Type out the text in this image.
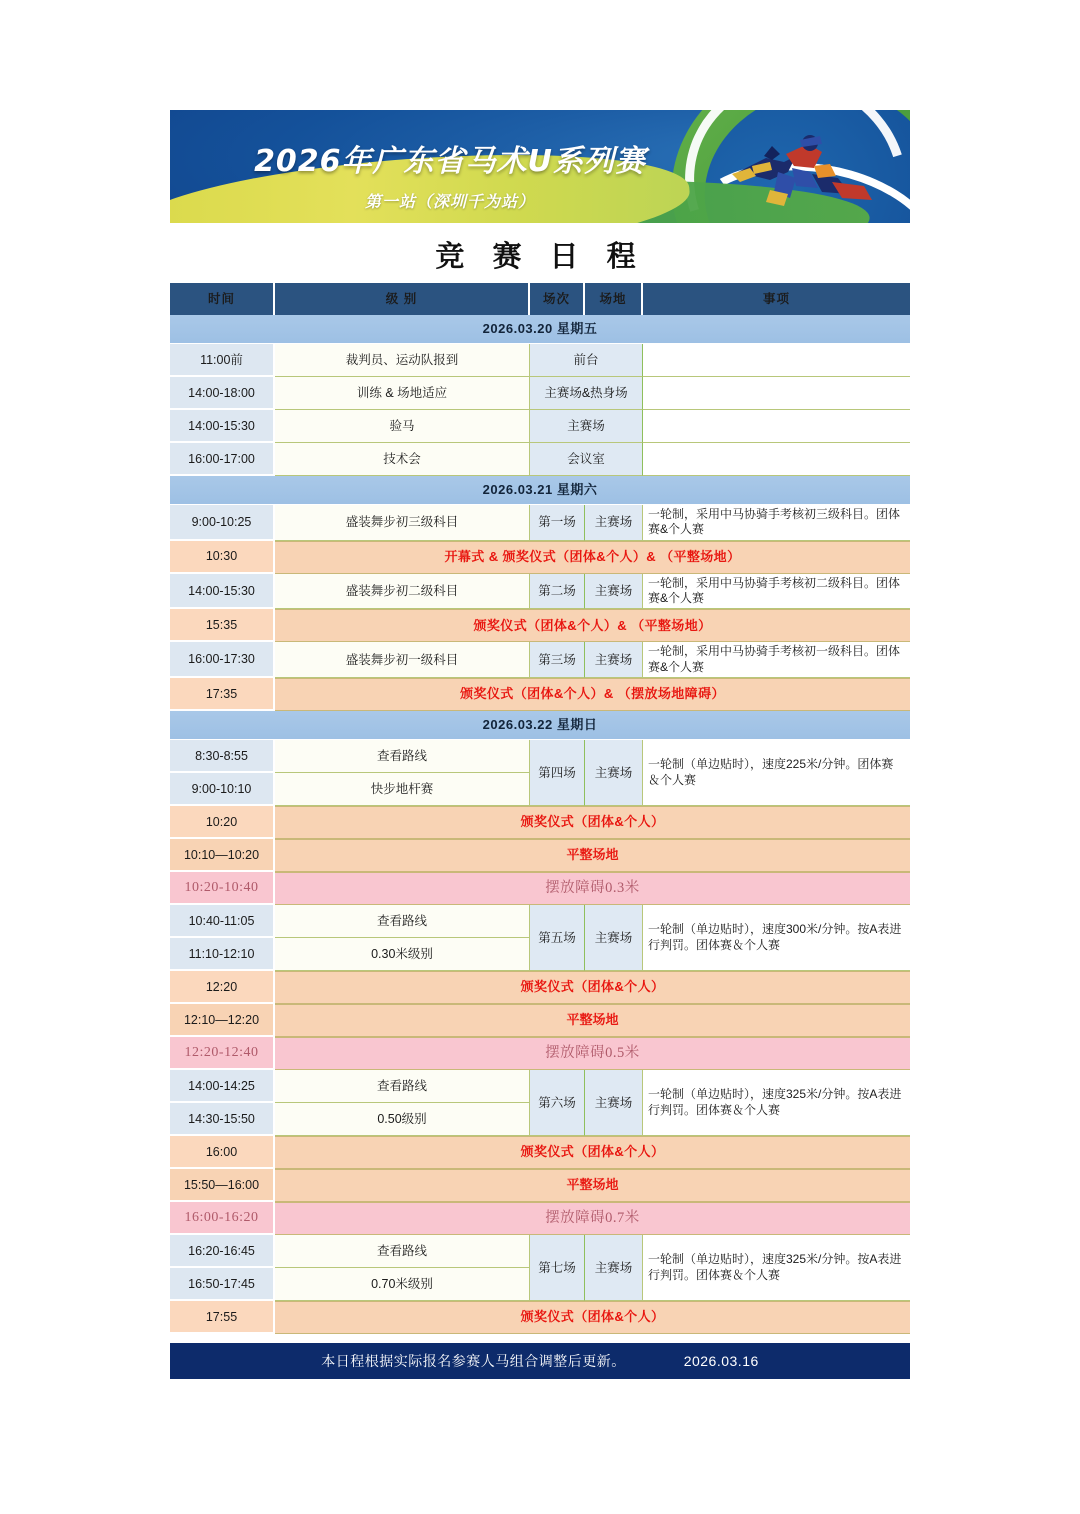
2026年广东省马术U系列赛
第一站（深圳千为站）
竞 赛 日 程
时间	级 别	场次	场地	事项
2026.03.20 星期五				
11:00前	裁判员、运动队报到	前台		
14:00-18:00	训练 & 场地适应	主赛场&热身场		
14:00-15:30	验马	主赛场		
16:00-17:00	技术会	会议室		
2026.03.21 星期六				
9:00-10:25	盛装舞步初三级科目	第一场	主赛场	一轮制，采用中马协骑手考核初三级科目。团体赛&个人赛
10:30	开幕式 & 颁奖仪式（团体&个人）& （平整场地）			
14:00-15:30	盛装舞步初二级科目	第二场	主赛场	一轮制，采用中马协骑手考核初二级科目。团体赛&个人赛
15:35	颁奖仪式（团体&个人）& （平整场地）			
16:00-17:30	盛装舞步初一级科目	第三场	主赛场	一轮制，采用中马协骑手考核初一级科目。团体赛&个人赛
17:35	颁奖仪式（团体&个人）& （摆放场地障碍）			
2026.03.22 星期日				
8:30-8:55	查看路线	第四场	主赛场	一轮制（单边贴时），速度225米/分钟。团体赛＆个人赛
9:00-10:10	快步地杆赛			
10:20	颁奖仪式（团体&个人）			
10:10—10:20	平整场地			
10:20-10:40	摆放障碍0.3米			
10:40-11:05	查看路线	第五场	主赛场	一轮制（单边贴时），速度300米/分钟。按A表进行判罚。团体赛＆个人赛
11:10-12:10	0.30米级别			
12:20	颁奖仪式（团体&个人）			
12:10—12:20	平整场地			
12:20-12:40	摆放障碍0.5米			
14:00-14:25	查看路线	第六场	主赛场	一轮制（单边贴时），速度325米/分钟。按A表进行判罚。团体赛＆个人赛
14:30-15:50	0.50级别			
16:00	颁奖仪式（团体&个人）			
15:50—16:00	平整场地			
16:00-16:20	摆放障碍0.7米			
16:20-16:45	查看路线	第七场	主赛场	一轮制（单边贴时），速度325米/分钟。按A表进行判罚。团体赛＆个人赛
16:50-17:45	0.70米级别			
17:55	颁奖仪式（团体&个人）			
本日程根据实际报名参赛人马组合调整后更新。	2026.03.16
